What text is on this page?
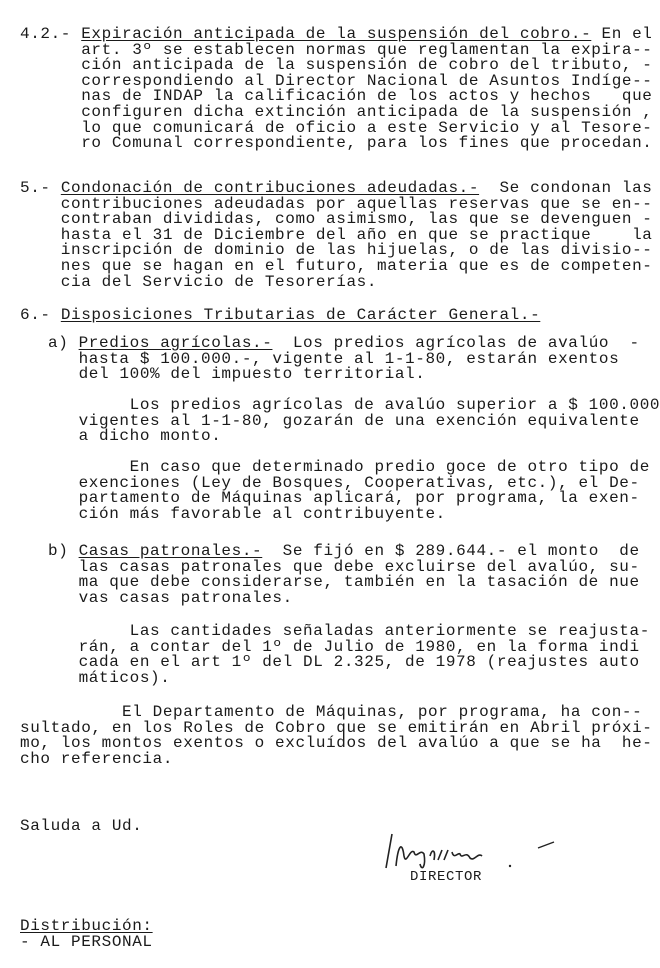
4.2.- Expiración anticipada de la suspensión del cobro.- En el
art. 3º se establecen normas que reglamentan la expira--
ción anticipada de la suspensión de cobro del tributo, -
correspondiendo al Director Nacional de Asuntos Indíge--
nas de INDAP la calificación de los actos y hechos   que
configuren dicha extinción anticipada de la suspensión ,
lo que comunicará de oficio a este Servicio y al Tesore-
ro Comunal correspondiente, para los fines que procedan.
5.- Condonación de contribuciones adeudadas.-  Se condonan las
contribuciones adeudadas por aquellas reservas que se en--
contraban divididas, como asimismo, las que se devenguen -
hasta el 31 de Diciembre del año en que se practique    la
inscripción de dominio de las hijuelas, o de las divisio--
nes que se hagan en el futuro, materia que es de competen-
cia del Servicio de Tesorerías.
6.- Disposiciones Tributarias de Carácter General.-
a) Predios agrícolas.-  Los predios agrícolas de avalúo  -
hasta $ 100.000.-, vigente al 1-1-80, estarán exentos
del 100% del impuesto territorial.
Los predios agrícolas de avalúo superior a $ 100.000
vigentes al 1-1-80, gozarán de una exención equivalente
a dicho monto.
En caso que determinado predio goce de otro tipo de
exenciones (Ley de Bosques, Cooperativas, etc.), el De-
partamento de Máquinas aplicará, por programa, la exen-
ción más favorable al contribuyente.
b) Casas patronales.-  Se fijó en $ 289.644.- el monto  de
las casas patronales que debe excluirse del avalúo, su-
ma que debe considerarse, también en la tasación de nue
vas casas patronales.
Las cantidades señaladas anteriormente se reajusta-
rán, a contar del 1º de Julio de 1980, en la forma indi
cada en el art 1º del DL 2.325, de 1978 (reajustes auto
máticos).
El Departamento de Máquinas, por programa, ha con--
sultado, en los Roles de Cobro que se emitirán en Abril próxi-
mo, los montos exentos o excluídos del avalúo a que se ha  he-
cho referencia.
Saluda a Ud.
DIRECTOR
Distribución:
- AL PERSONAL
